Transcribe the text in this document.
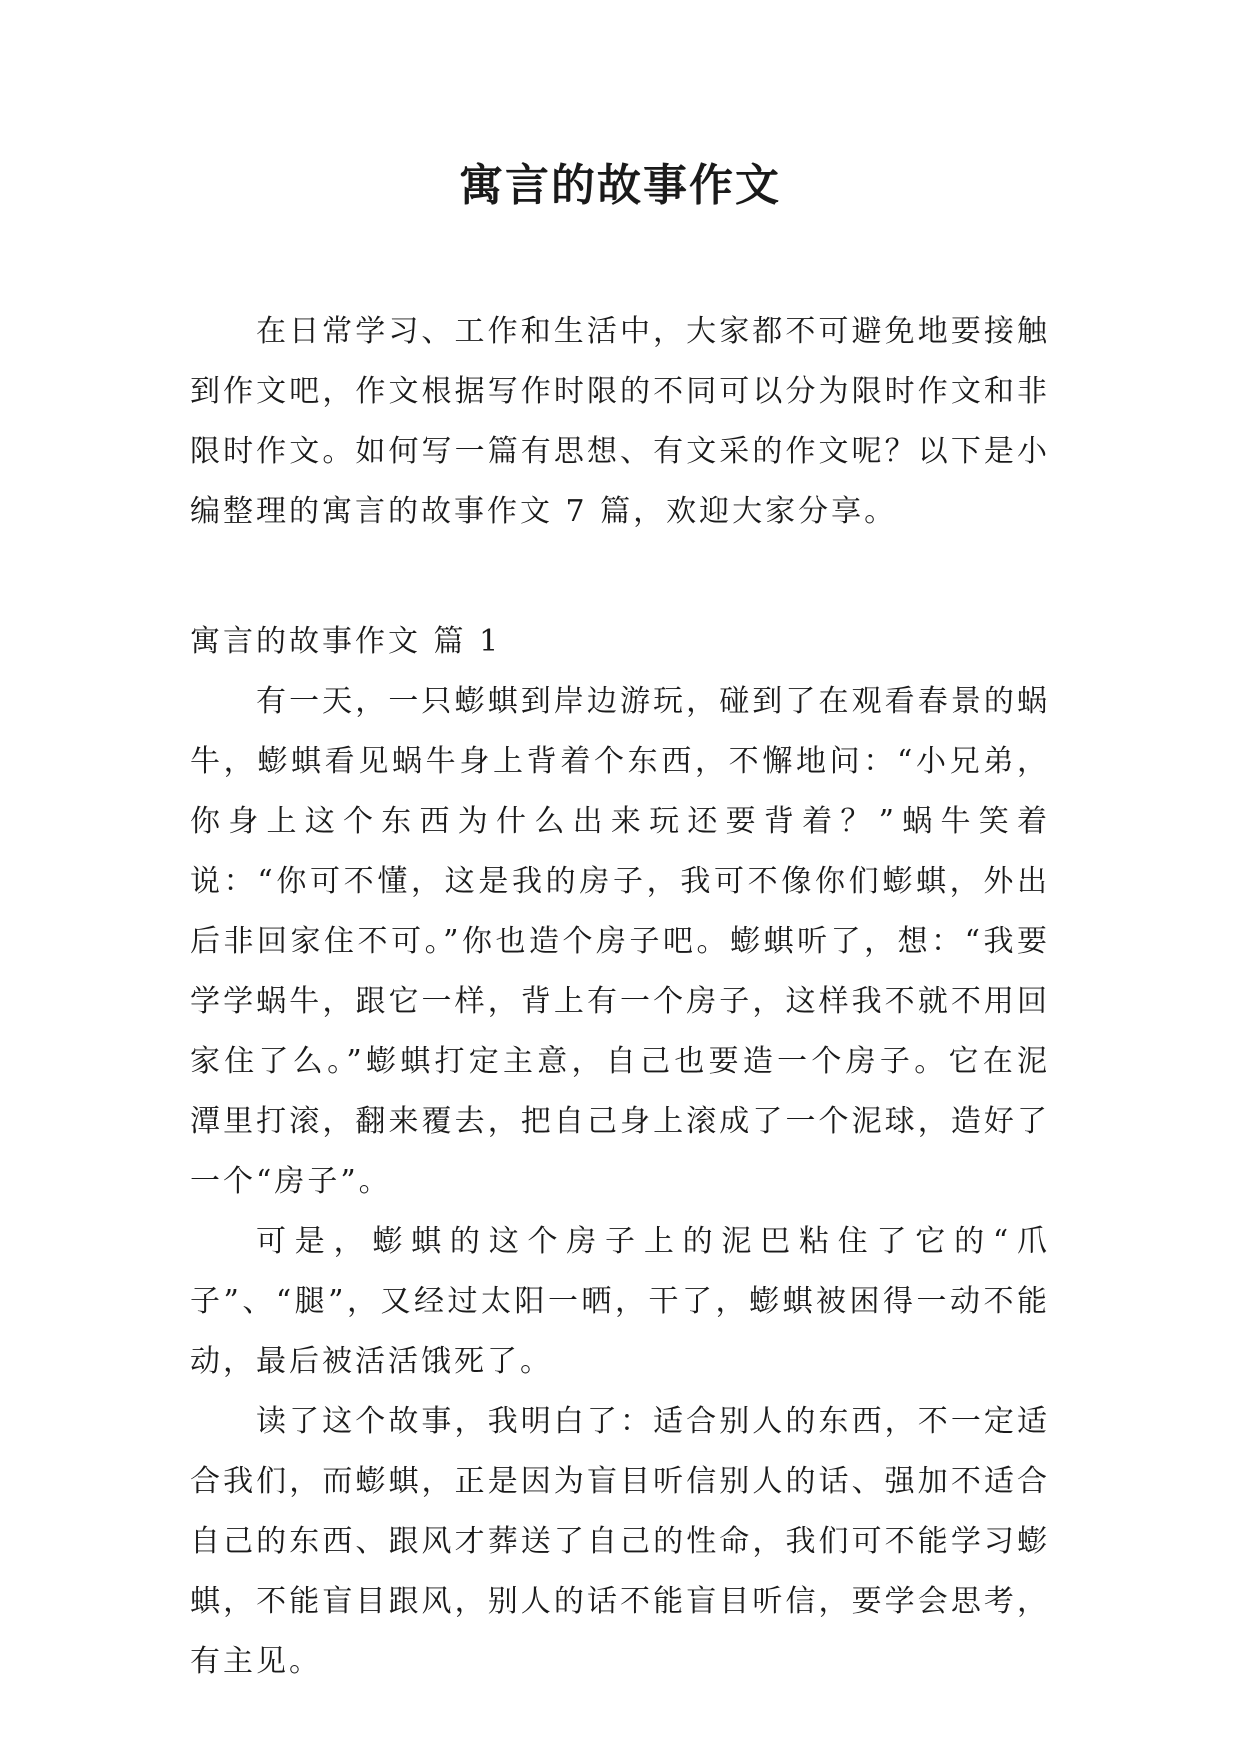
寓言的故事作文

在日常学习、工作和生活中，大家都不可避免地要接触到作文吧，作文根据写作时限的不同可以分为限时作文和非限时作文。如何写一篇有思想、有文采的作文呢？以下是小编整理的寓言的故事作文 7 篇，欢迎大家分享。

寓言的故事作文 篇 1

有一天，一只蟛蜞到岸边游玩，碰到了在观看春景的蜗牛，蟛蜞看见蜗牛身上背着个东西，不懈地问：“小兄弟，你身上这个东西为什么出来玩还要背着？”蜗牛笑着说：“你可不懂，这是我的房子，我可不像你们蟛蜞，外出后非回家住不可。”你也造个房子吧。蟛蜞听了，想：“我要学学蜗牛，跟它一样，背上有一个房子，这样我不就不用回家住了么。”蟛蜞打定主意，自己也要造一个房子。它在泥潭里打滚，翻来覆去，把自己身上滚成了一个泥球，造好了一个“房子”。

可是，蟛蜞的这个房子上的泥巴粘住了它的“爪子”、“腿”，又经过太阳一晒，干了，蟛蜞被困得一动不能动，最后被活活饿死了。

读了这个故事，我明白了：适合别人的东西，不一定适合我们，而蟛蜞，正是因为盲目听信别人的话、强加不适合自己的东西、跟风才葬送了自己的性命，我们可不能学习蟛蜞，不能盲目跟风，别人的话不能盲目听信，要学会思考，有主见。
